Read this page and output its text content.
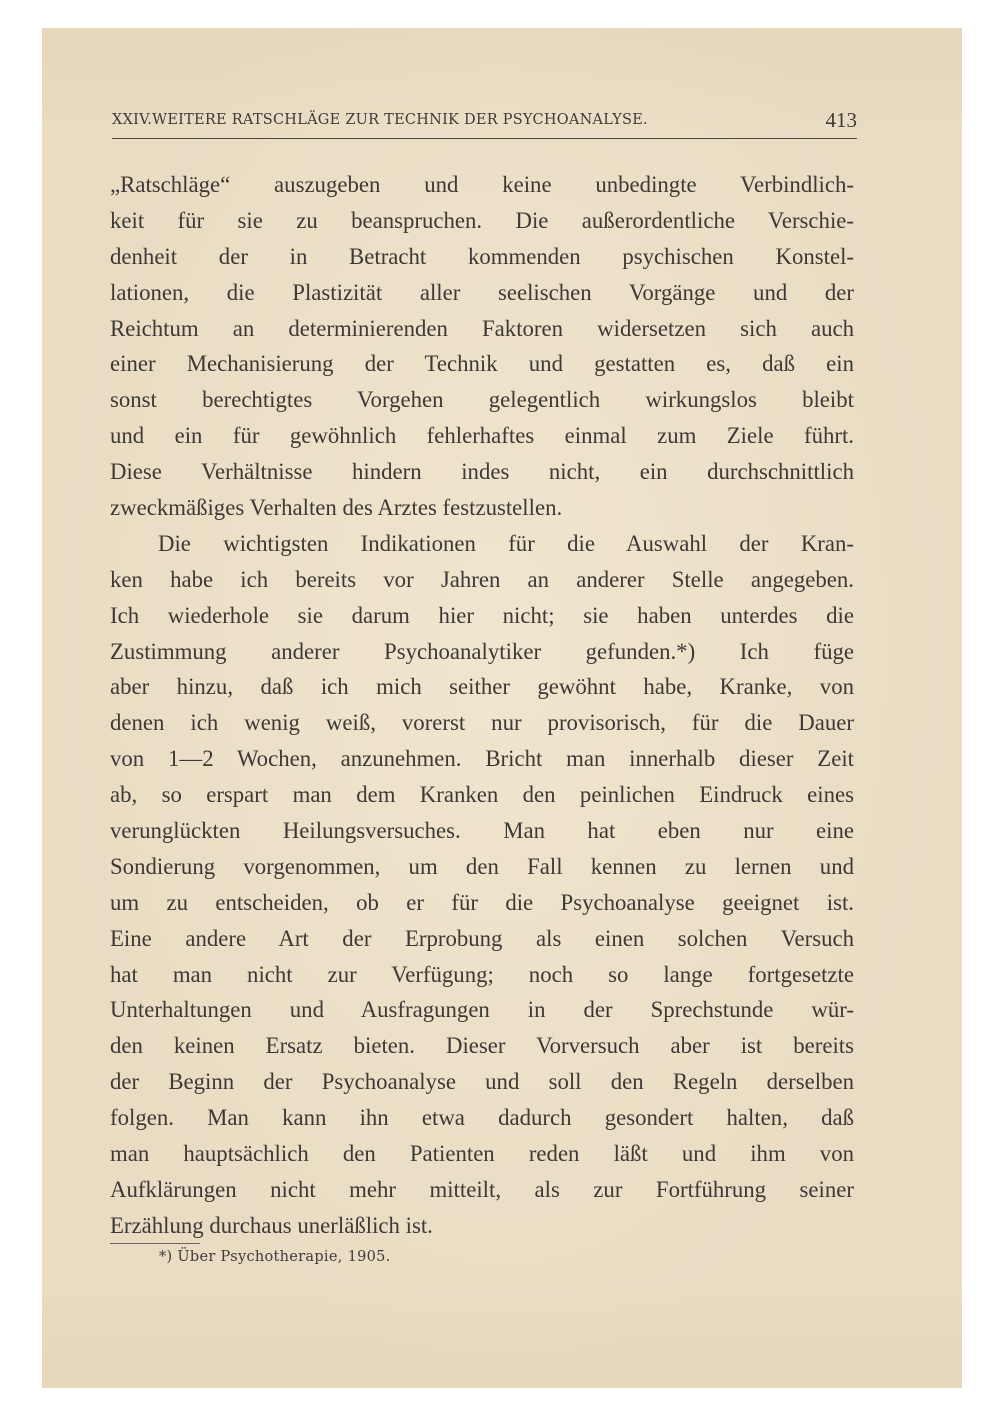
XXIV.WEITERE RATSCHLÄGE ZUR TECHNIK DER PSYCHOANALYSE.	413
„Ratschläge“ auszugeben und keine unbedingte Verbindlich-
keit für sie zu beanspruchen. Die außerordentliche Verschie-
denheit der in Betracht kommenden psychischen Konstel-
lationen, die Plastizität aller seelischen Vorgänge und der
Reichtum an determinierenden Faktoren widersetzen sich auch
einer Mechanisierung der Technik und gestatten es, daß ein
sonst berechtigtes Vorgehen gelegentlich wirkungslos bleibt
und ein für gewöhnlich fehlerhaftes einmal zum Ziele führt.
Diese Verhältnisse hindern indes nicht, ein durchschnittlich
zweckmäßiges Verhalten des Arztes festzustellen.
Die wichtigsten Indikationen für die Auswahl der Kran-
ken habe ich bereits vor Jahren an anderer Stelle angegeben.
Ich wiederhole sie darum hier nicht; sie haben unterdes die
Zustimmung anderer Psychoanalytiker gefunden.*) Ich füge
aber hinzu, daß ich mich seither gewöhnt habe, Kranke, von
denen ich wenig weiß, vorerst nur provisorisch, für die Dauer
von 1—2 Wochen, anzunehmen. Bricht man innerhalb dieser Zeit
ab, so erspart man dem Kranken den peinlichen Eindruck eines
verunglückten Heilungsversuches. Man hat eben nur eine
Sondierung vorgenommen, um den Fall kennen zu lernen und
um zu entscheiden, ob er für die Psychoanalyse geeignet ist.
Eine andere Art der Erprobung als einen solchen Versuch
hat man nicht zur Verfügung; noch so lange fortgesetzte
Unterhaltungen und Ausfragungen in der Sprechstunde wür-
den keinen Ersatz bieten. Dieser Vorversuch aber ist bereits
der Beginn der Psychoanalyse und soll den Regeln derselben
folgen. Man kann ihn etwa dadurch gesondert halten, daß
man hauptsächlich den Patienten reden läßt und ihm von
Aufklärungen nicht mehr mitteilt, als zur Fortführung seiner
Erzählung durchaus unerläßlich ist.
*) Über Psychotherapie, 1905.
